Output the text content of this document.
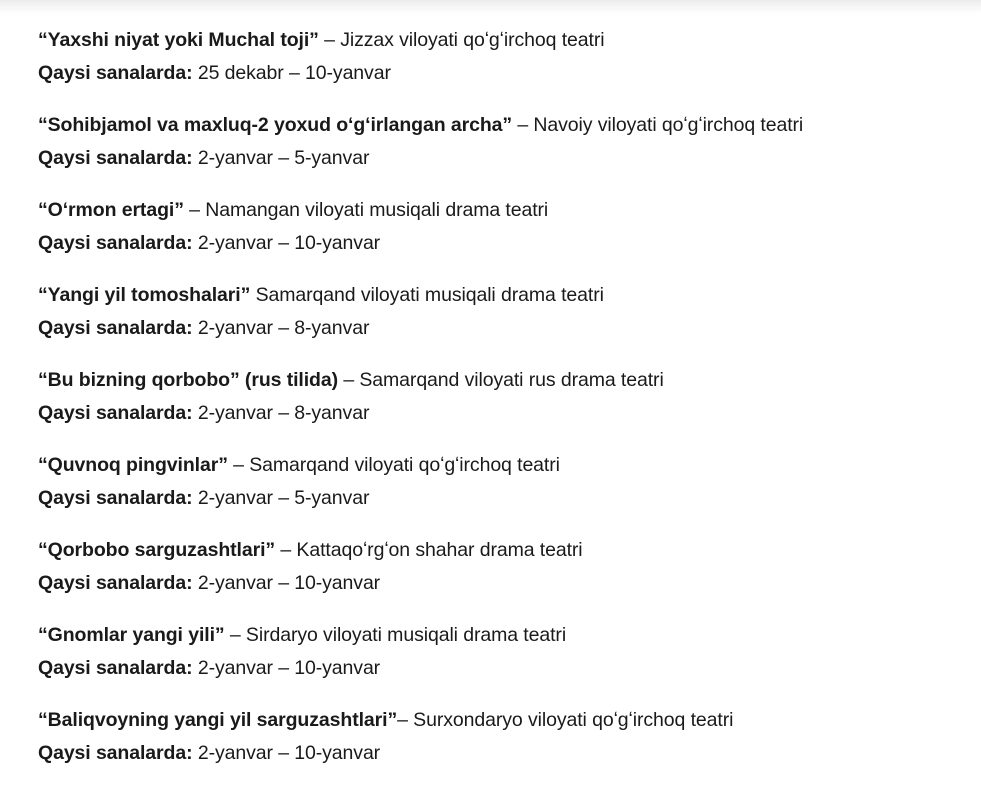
“Yaxshi niyat yoki Muchal toji” – Jizzax viloyati qoʻgʻirchoq teatri
Qaysi sanalarda: 25 dekabr – 10-yanvar
“Sohibjamol va maxluq-2 yoxud oʻgʻirlangan archa” – Navoiy viloyati qoʻgʻirchoq teatri
Qaysi sanalarda: 2-yanvar – 5-yanvar
“Oʻrmon ertagi” – Namangan viloyati musiqali drama teatri
Qaysi sanalarda: 2-yanvar – 10-yanvar
“Yangi yil tomoshalari” Samarqand viloyati musiqali drama teatri
Qaysi sanalarda: 2-yanvar – 8-yanvar
“Bu bizning qorbobo” (rus tilida) – Samarqand viloyati rus drama teatri
Qaysi sanalarda: 2-yanvar – 8-yanvar
“Quvnoq pingvinlar” – Samarqand viloyati qoʻgʻirchoq teatri
Qaysi sanalarda: 2-yanvar – 5-yanvar
“Qorbobo sarguzashtlari” – Kattaqoʻrgʻon shahar drama teatri
Qaysi sanalarda: 2-yanvar – 10-yanvar
“Gnomlar yangi yili” – Sirdaryo viloyati musiqali drama teatri
Qaysi sanalarda: 2-yanvar – 10-yanvar
“Baliqvoyning yangi yil sarguzashtlari”– Surxondaryo viloyati qoʻgʻirchoq teatri
Qaysi sanalarda: 2-yanvar – 10-yanvar
